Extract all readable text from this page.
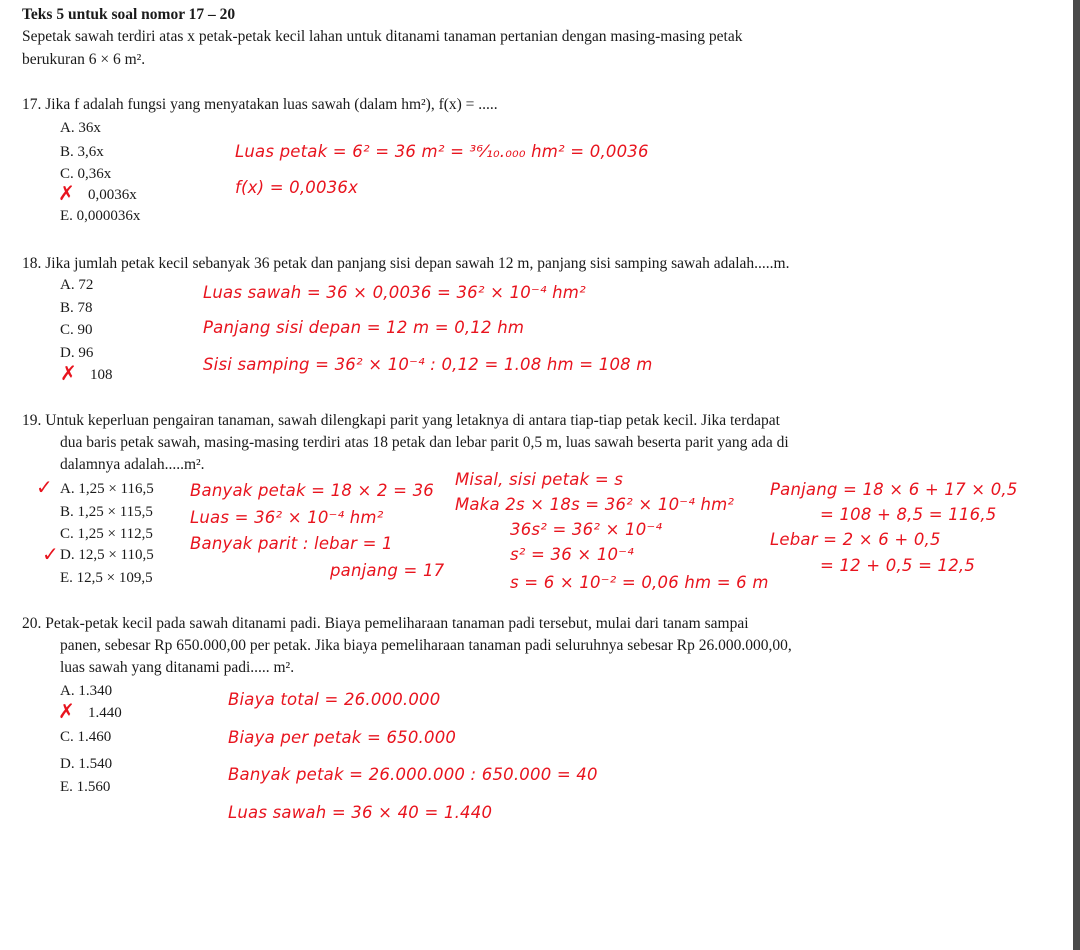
Teks 5 untuk soal nomor 17 – 20
Sepetak sawah terdiri atas x petak-petak kecil lahan untuk ditanami tanaman pertanian dengan masing-masing petak
berukuran 6 × 6 m².
17. Jika f adalah fungsi yang menyatakan luas sawah (dalam hm²), f(x) = .....
A. 36x
B. 3,6x
C. 0,36x
✗ 0,0036x
E. 0,000036x
Luas petak = 6² = 36 m² = ³⁶⁄₁₀.₀₀₀ hm² = 0,0036
f(x) = 0,0036x
18. Jika jumlah petak kecil sebanyak 36 petak dan panjang sisi depan sawah 12 m, panjang sisi samping sawah adalah.....m.
A. 72
B. 78
C. 90
D. 96
✗ 108
Luas sawah = 36 × 0,0036 = 36² × 10⁻⁴ hm²
Panjang sisi depan = 12 m = 0,12 hm
Sisi samping = 36² × 10⁻⁴ : 0,12 = 1.08 hm = 108 m
19. Untuk keperluan pengairan tanaman, sawah dilengkapi parit yang letaknya di antara tiap-tiap petak kecil. Jika terdapat
dua baris petak sawah, masing-masing terdiri atas 18 petak dan lebar parit 0,5 m, luas sawah beserta parit yang ada di
dalamnya adalah.....m².
✓ A. 1,25 × 116,5
B. 1,25 × 115,5
C. 1,25 × 112,5
✓ D. 12,5 × 110,5
E. 12,5 × 109,5
Banyak petak = 18 × 2 = 36
Luas = 36² × 10⁻⁴ hm²
Banyak parit : lebar = 1
panjang = 17
Misal, sisi petak = s
Maka 2s × 18s = 36² × 10⁻⁴ hm²
36s² = 36² × 10⁻⁴
s² = 36 × 10⁻⁴
s = 6 × 10⁻² = 0,06 hm = 6 m
Panjang = 18 × 6 + 17 × 0,5
= 108 + 8,5 = 116,5
Lebar = 2 × 6 + 0,5
= 12 + 0,5 = 12,5
20. Petak-petak kecil pada sawah ditanami padi. Biaya pemeliharaan tanaman padi tersebut, mulai dari tanam sampai
panen, sebesar Rp 650.000,00 per petak. Jika biaya pemeliharaan tanaman padi seluruhnya sebesar Rp 26.000.000,00,
luas sawah yang ditanami padi..... m².
A. 1.340
✗ 1.440
C. 1.460
D. 1.540
E. 1.560
Biaya total = 26.000.000
Biaya per petak = 650.000
Banyak petak = 26.000.000 : 650.000 = 40
Luas sawah = 36 × 40 = 1.440
